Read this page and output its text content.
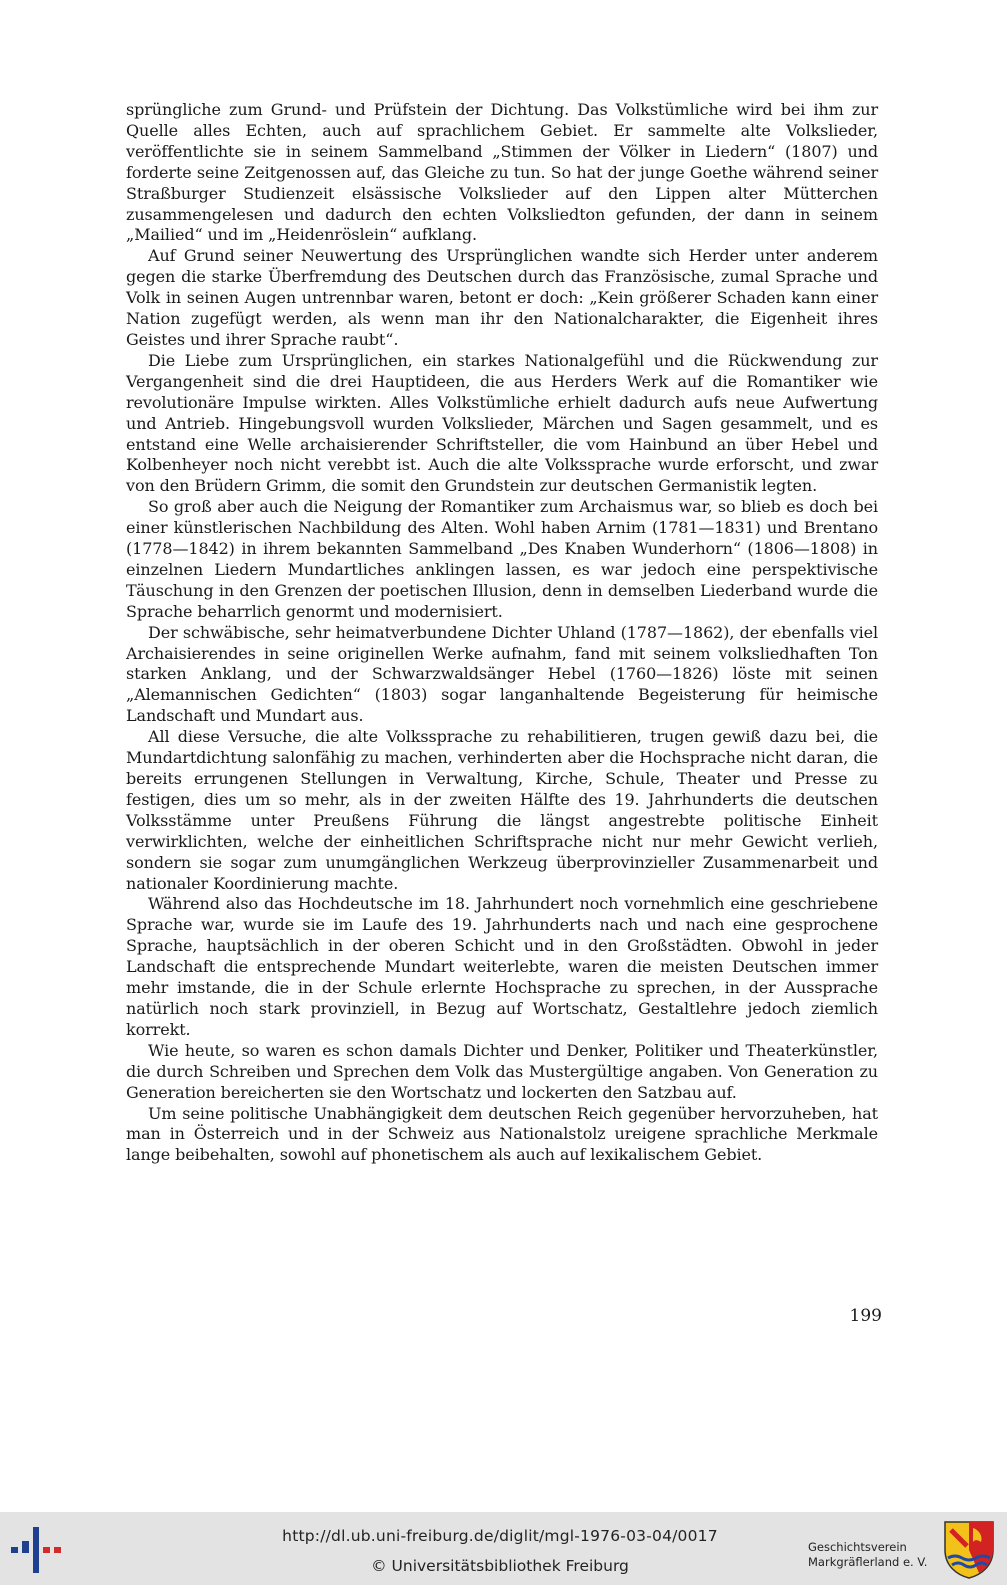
sprüngliche zum Grund- und Prüfstein der Dichtung. Das Volkstümliche wird bei ihm zur Quelle alles Echten, auch auf sprachlichem Gebiet. Er sammelte alte Volkslieder, veröffentlichte sie in seinem Sammelband „Stimmen der Völker in Liedern“ (1807) und forderte seine Zeitgenossen auf, das Gleiche zu tun. So hat der junge Goethe während seiner Straßburger Studienzeit elsässische Volkslieder auf den Lippen alter Mütterchen zusammengelesen und dadurch den echten Volksliedton gefunden, der dann in seinem „Mailied“ und im „Heidenröslein“ aufklang.

Auf Grund seiner Neuwertung des Ursprünglichen wandte sich Herder unter anderem gegen die starke Überfremdung des Deutschen durch das Französische, zumal Sprache und Volk in seinen Augen untrennbar waren, betont er doch: „Kein größerer Schaden kann einer Nation zugefügt werden, als wenn man ihr den Nationalcharakter, die Eigenheit ihres Geistes und ihrer Sprache raubt“.

Die Liebe zum Ursprünglichen, ein starkes Nationalgefühl und die Rückwendung zur Vergangenheit sind die drei Hauptideen, die aus Herders Werk auf die Romantiker wie revolutionäre Impulse wirkten. Alles Volkstümliche erhielt dadurch aufs neue Aufwertung und Antrieb. Hingebungsvoll wurden Volkslieder, Märchen und Sagen gesammelt, und es entstand eine Welle archaisierender Schriftsteller, die vom Hainbund an über Hebel und Kolbenheyer noch nicht verebbt ist. Auch die alte Volkssprache wurde erforscht, und zwar von den Brüdern Grimm, die somit den Grundstein zur deutschen Germanistik legten.

So groß aber auch die Neigung der Romantiker zum Archaismus war, so blieb es doch bei einer künstlerischen Nachbildung des Alten. Wohl haben Arnim (1781—1831) und Brentano (1778—1842) in ihrem bekannten Sammelband „Des Knaben Wunderhorn“ (1806—1808) in einzelnen Liedern Mundartliches anklingen lassen, es war jedoch eine perspektivische Täuschung in den Grenzen der poetischen Illusion, denn in demselben Liederband wurde die Sprache beharrlich genormt und modernisiert.

Der schwäbische, sehr heimatverbundene Dichter Uhland (1787—1862), der ebenfalls viel Archaisierendes in seine originellen Werke aufnahm, fand mit seinem volksliedhaften Ton starken Anklang, und der Schwarzwaldsänger Hebel (1760—1826) löste mit seinen „Alemannischen Gedichten“ (1803) sogar langanhaltende Begeisterung für heimische Landschaft und Mundart aus.

All diese Versuche, die alte Volkssprache zu rehabilitieren, trugen gewiß dazu bei, die Mundartdichtung salonfähig zu machen, verhinderten aber die Hochsprache nicht daran, die bereits errungenen Stellungen in Verwaltung, Kirche, Schule, Theater und Presse zu festigen, dies um so mehr, als in der zweiten Hälfte des 19. Jahrhunderts die deutschen Volksstämme unter Preußens Führung die längst angestrebte politische Einheit verwirklichten, welche der einheitlichen Schriftsprache nicht nur mehr Gewicht verlieh, sondern sie sogar zum unumgänglichen Werkzeug überprovinzieller Zusammenarbeit und nationaler Koordinierung machte.

Während also das Hochdeutsche im 18. Jahrhundert noch vornehmlich eine geschriebene Sprache war, wurde sie im Laufe des 19. Jahrhunderts nach und nach eine gesprochene Sprache, hauptsächlich in der oberen Schicht und in den Großstädten. Obwohl in jeder Landschaft die entsprechende Mundart weiterlebte, waren die meisten Deutschen immer mehr imstande, die in der Schule erlernte Hochsprache zu sprechen, in der Aussprache natürlich noch stark provinziell, in Bezug auf Wortschatz, Gestaltlehre jedoch ziemlich korrekt.

Wie heute, so waren es schon damals Dichter und Denker, Politiker und Theaterkünstler, die durch Schreiben und Sprechen dem Volk das Mustergültige angaben. Von Generation zu Generation bereicherten sie den Wortschatz und lockerten den Satzbau auf.

Um seine politische Unabhängigkeit dem deutschen Reich gegenüber hervorzuheben, hat man in Österreich und in der Schweiz aus Nationalstolz ureigene sprachliche Merkmale lange beibehalten, sowohl auf phonetischem als auch auf lexikalischem Gebiet.

199
http://dl.ub.uni-freiburg.de/diglit/mgl-1976-03-04/0017
© Universitätsbibliothek Freiburg
Geschichtsverein
Markgräflerland e. V.
